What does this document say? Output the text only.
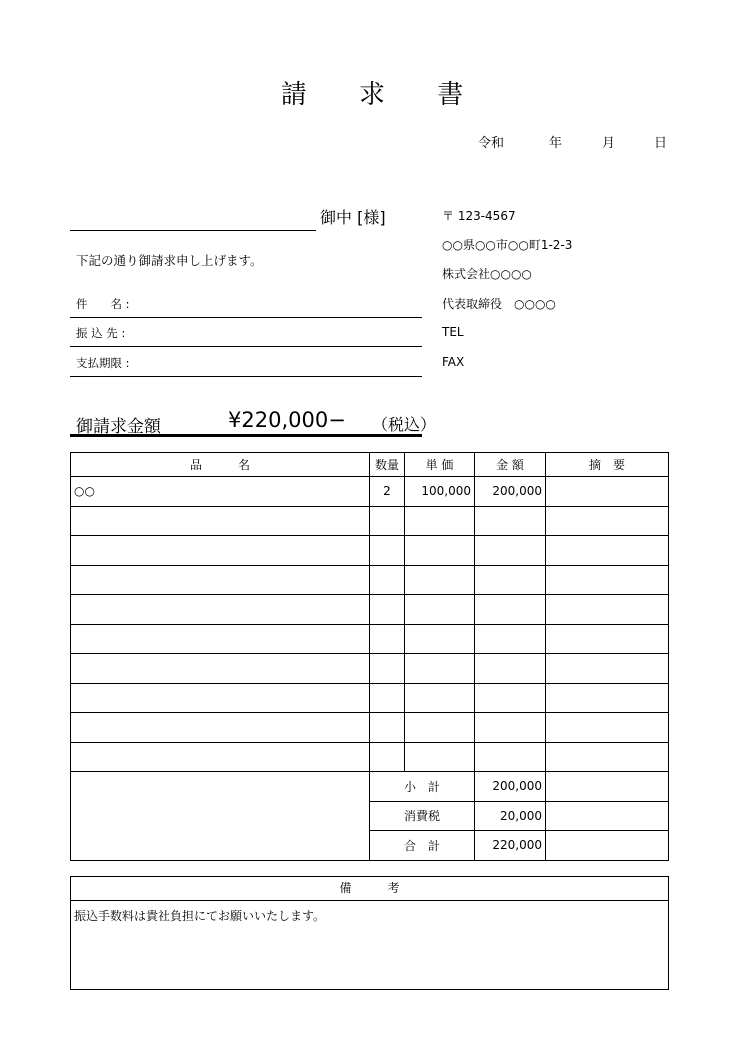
請 求 書
令和	年	月	日
御中 [様]
下記の通り御請求申し上げます。
件　　名 :
振 込 先 :
支払期限 :
〒 123-4567
○○県○○市○○町1-2-3
株式会社○○○○
代表取締役　○○○○
TEL
FAX
御請求金額	¥220,000− （税込）
品　　　名	数量	単 価	金 額	摘　要
○○	2	100,000	200,000	

	小　計		200,000	
	消費税		20,000	
	合　計		220,000	
備　考
振込手数料は貴社負担にてお願いいたします。
